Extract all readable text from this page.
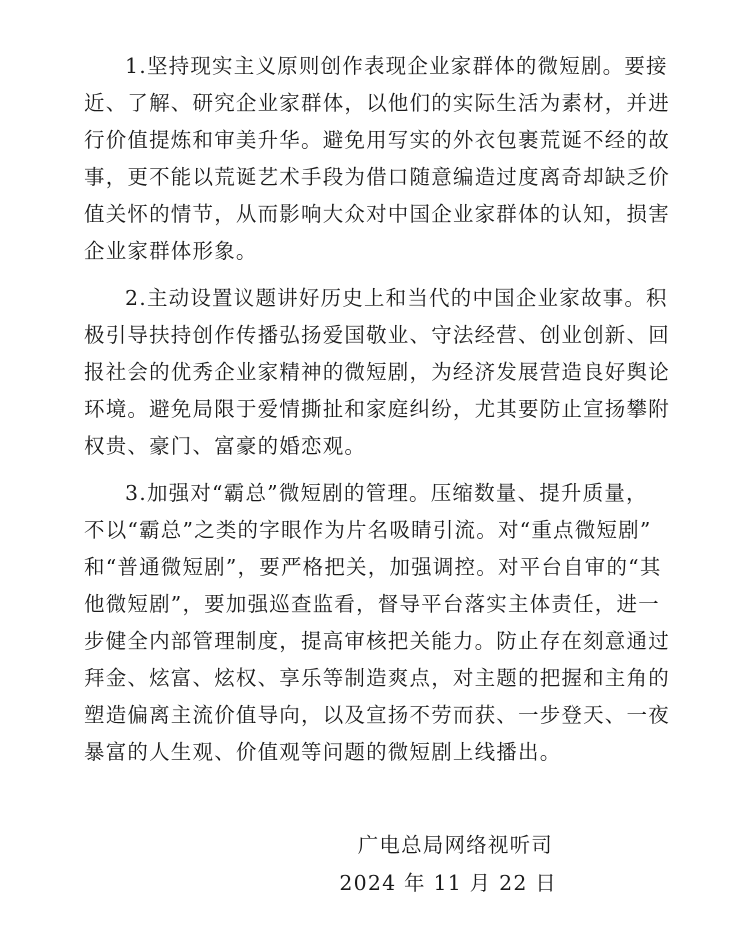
1.坚持现实主义原则创作表现企业家群体的微短剧。要接
近、了解、研究企业家群体，以他们的实际生活为素材，并进
行价值提炼和审美升华。避免用写实的外衣包裹荒诞不经的故
事，更不能以荒诞艺术手段为借口随意编造过度离奇却缺乏价
值关怀的情节，从而影响大众对中国企业家群体的认知，损害
企业家群体形象。

2.主动设置议题讲好历史上和当代的中国企业家故事。积
极引导扶持创作传播弘扬爱国敬业、守法经营、创业创新、回
报社会的优秀企业家精神的微短剧，为经济发展营造良好舆论
环境。避免局限于爱情撕扯和家庭纠纷，尤其要防止宣扬攀附
权贵、豪门、富豪的婚恋观。

3.加强对“霸总”微短剧的管理。压缩数量、提升质量，
不以“霸总”之类的字眼作为片名吸睛引流。对“重点微短剧”
和“普通微短剧”，要严格把关，加强调控。对平台自审的“其
他微短剧”，要加强巡查监看，督导平台落实主体责任，进一
步健全内部管理制度，提高审核把关能力。防止存在刻意通过
拜金、炫富、炫权、享乐等制造爽点，对主题的把握和主角的
塑造偏离主流价值导向，以及宣扬不劳而获、一步登天、一夜
暴富的人生观、价值观等问题的微短剧上线播出。

广电总局网络视听司
2024 年 11 月 22 日
